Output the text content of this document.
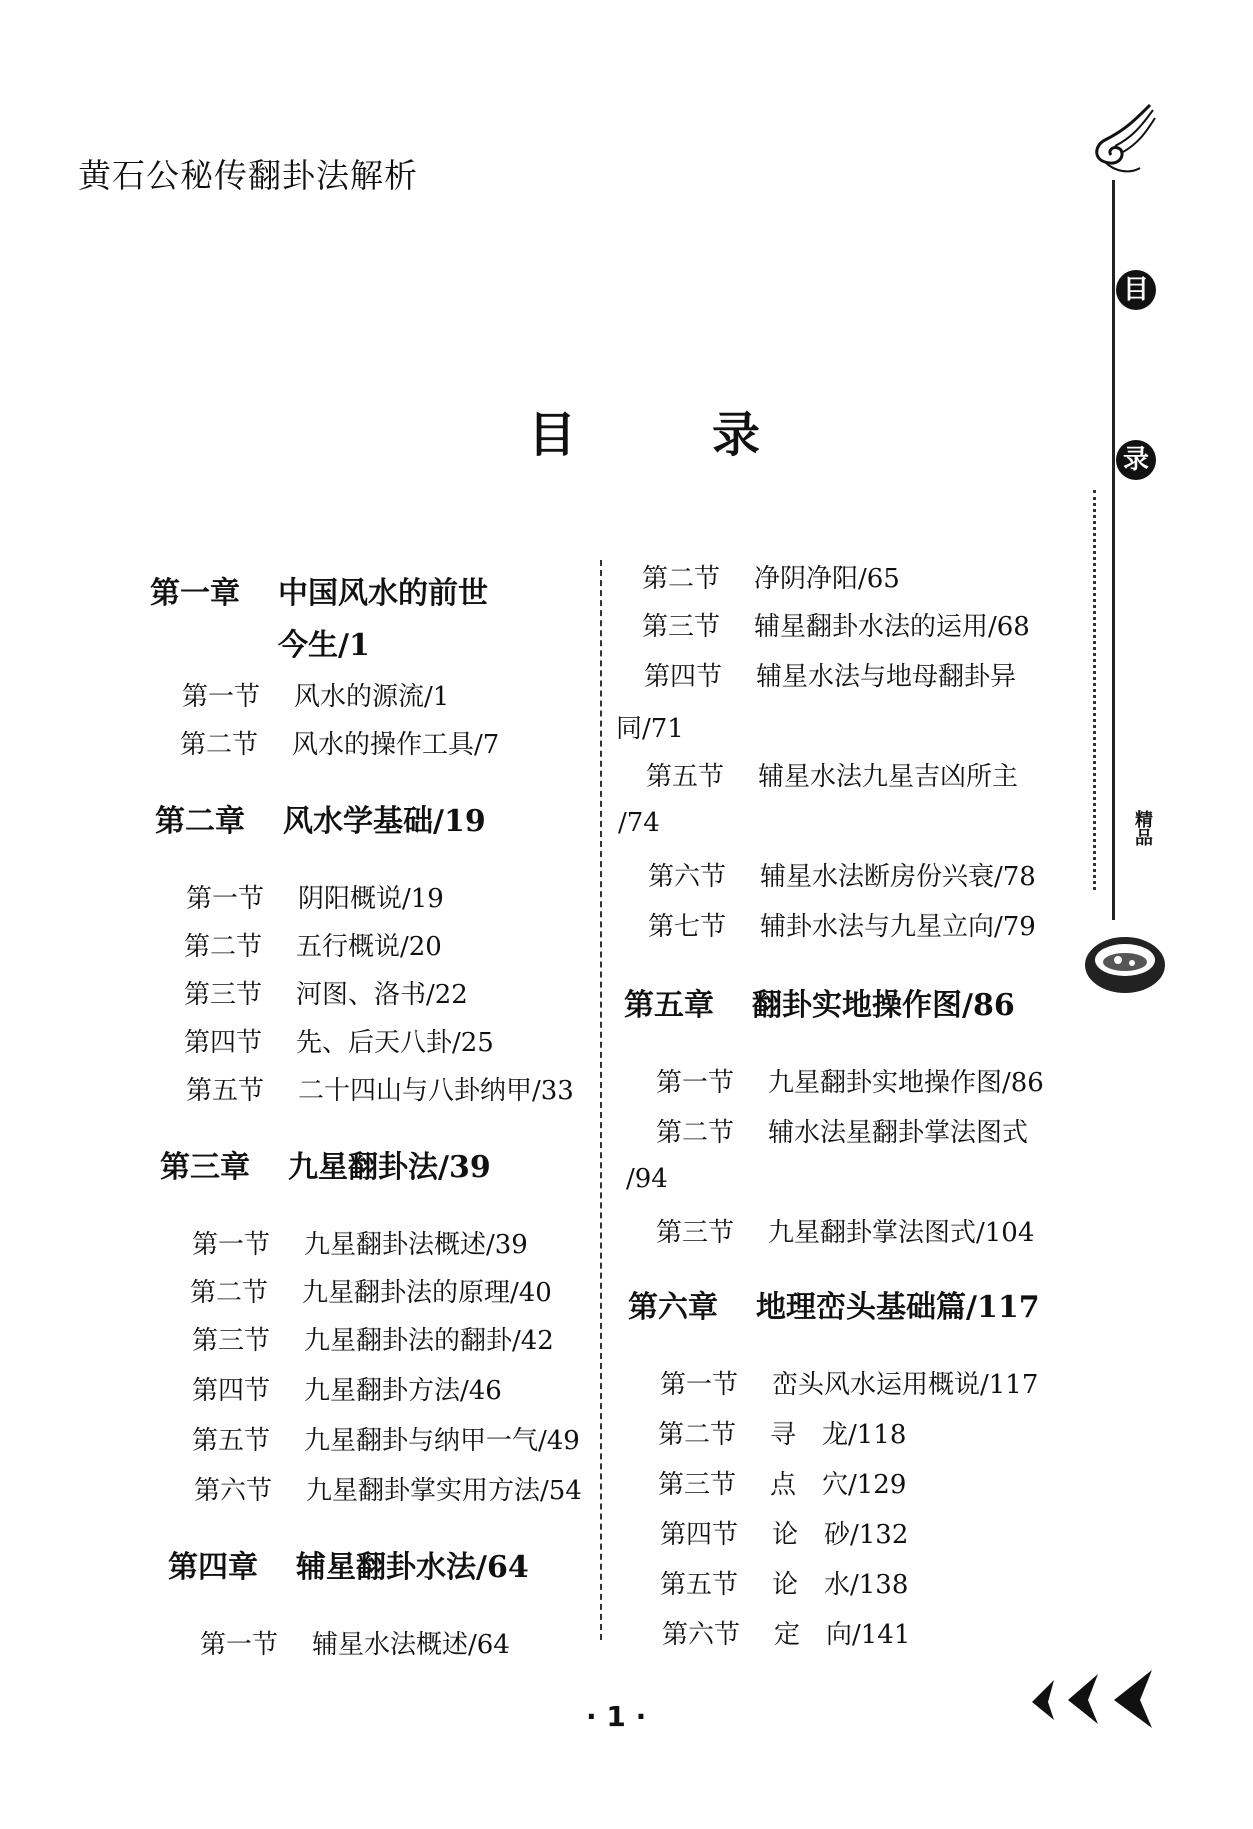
黄石公秘传翻卦法解析
目　录
第一章 中国风水的前世
今生/1
第一节 风水的源流/1
第二节 风水的操作工具/7
第二章 风水学基础/19
第一节 阴阳概说/19
第二节 五行概说/20
第三节 河图、洛书/22
第四节 先、后天八卦/25
第五节 二十四山与八卦纳甲/33
第三章 九星翻卦法/39
第一节 九星翻卦法概述/39
第二节 九星翻卦法的原理/40
第三节 九星翻卦法的翻卦/42
第四节 九星翻卦方法/46
第五节 九星翻卦与纳甲一气/49
第六节 九星翻卦掌实用方法/54
第四章 辅星翻卦水法/64
第一节 辅星水法概述/64
第二节 净阴净阳/65
第三节 辅星翻卦水法的运用/68
第四节 辅星水法与地母翻卦异
同/71
第五节 辅星水法九星吉凶所主
/74
第六节 辅星水法断房份兴衰/78
第七节 辅卦水法与九星立向/79
第五章 翻卦实地操作图/86
第一节 九星翻卦实地操作图/86
第二节 辅水法星翻卦掌法图式
/94
第三节 九星翻卦掌法图式/104
第六章 地理峦头基础篇/117
第一节 峦头风水运用概说/117
第二节 寻　龙/118
第三节 点　穴/129
第四节 论　砂/132
第五节 论　水/138
第六节 定　向/141
目
录
精品
· 1 ·
